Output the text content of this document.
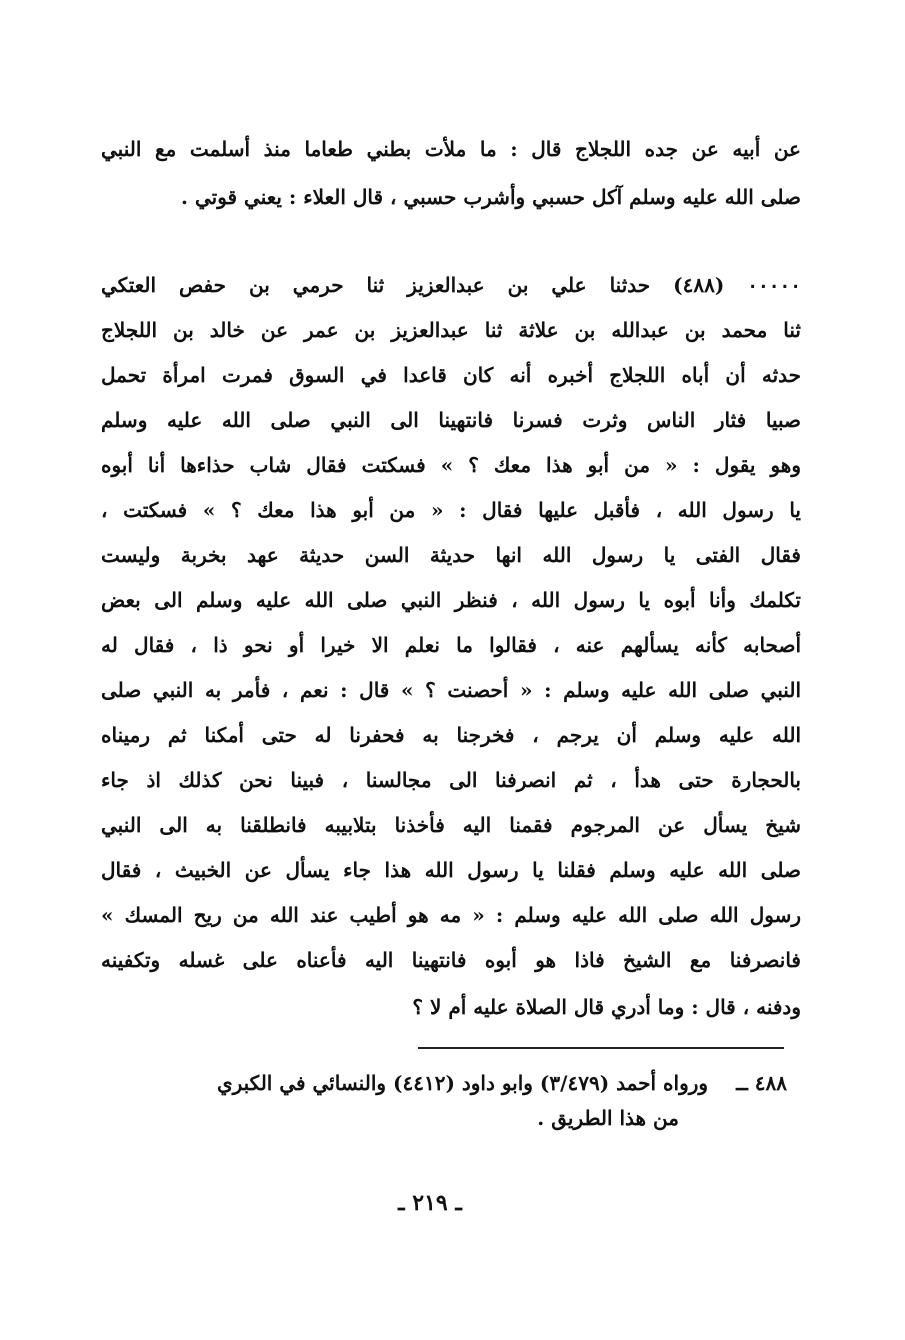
عن أبيه عن جده اللجلاج قال : ما ملأت بطني طعاما منذ أسلمت مع النبي
صلى الله عليه وسلم آكل حسبي وأشرب حسبي ، قال العلاء : يعني قوتي .
٠٠٠٠٠ (٤٨٨) حدثنا علي بن عبدالعزيز ثنا حرمي بن حفص العتكي
ثنا محمد بن عبدالله بن علاثة ثنا عبدالعزيز بن عمر عن خالد بن اللجلاج
حدثه أن أباه اللجلاج أخبره أنه كان قاعدا في السوق فمرت امرأة تحمل
صبيا فثار الناس وثرت فسرنا فانتهينا الى النبي صلى الله عليه وسلم
وهو يقول : « من أبو هذا معك ؟ » فسكتت فقال شاب حذاءها أنا أبوه
يا رسول الله ، فأقبل عليها فقال : « من أبو هذا معك ؟ » فسكتت ،
فقال الفتى يا رسول الله انها حديثة السن حديثة عهد بخربة وليست
تكلمك وأنا أبوه يا رسول الله ، فنظر النبي صلى الله عليه وسلم الى بعض
أصحابه كأنه يسألهم عنه ، فقالوا ما نعلم الا خيرا أو نحو ذا ، فقال له
النبي صلى الله عليه وسلم : « أحصنت ؟ » قال : نعم ، فأمر به النبي صلى
الله عليه وسلم أن يرجم ، فخرجنا به فحفرنا له حتى أمكنا ثم رميناه
بالحجارة حتى هدأ ، ثم انصرفنا الى مجالسنا ، فبينا نحن كذلك اذ جاء
شيخ يسأل عن المرجوم فقمنا اليه فأخذنا بتلابيبه فانطلقنا به الى النبي
صلى الله عليه وسلم فقلنا يا رسول الله هذا جاء يسأل عن الخبيث ، فقال
رسول الله صلى الله عليه وسلم : « مه هو أطيب عند الله من ريح المسك »
فانصرفنا مع الشيخ فاذا هو أبوه فانتهينا اليه فأعناه على غسله وتكفينه
ودفنه ، قال : وما أدري قال الصلاة عليه أم لا ؟
٤٨٨ ــورواه أحمد (٣/٤٧٩) وابو داود (٤٤١٢) والنسائي في الكبري
من هذا الطريق .
ـ ٢١٩ ـ
